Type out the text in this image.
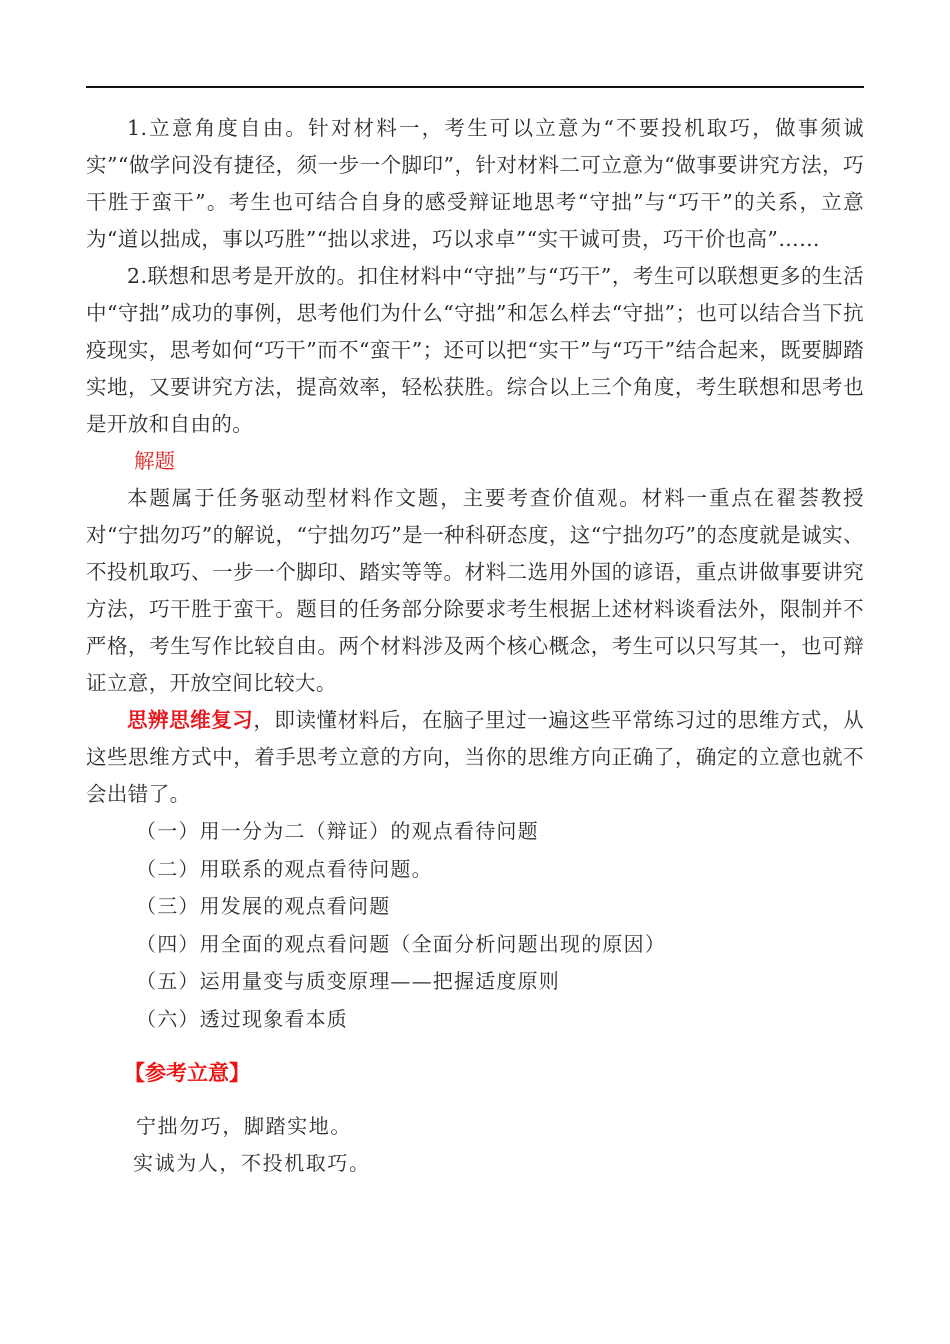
1.立意角度自由。针对材料一，考生可以立意为“不要投机取巧，做事须诚实”“做学问没有捷径，须一步一个脚印”，针对材料二可立意为“做事要讲究方法，巧干胜于蛮干”。考生也可结合自身的感受辩证地思考“守拙”与“巧干”的关系，立意为“道以拙成，事以巧胜”“拙以求进，巧以求卓”“实干诚可贵，巧干价也高”……

2.联想和思考是开放的。扣住材料中“守拙”与“巧干”，考生可以联想更多的生活中“守拙”成功的事例，思考他们为什么“守拙”和怎么样去“守拙”；也可以结合当下抗疫现实，思考如何“巧干”而不“蛮干”；还可以把“实干”与“巧干”结合起来，既要脚踏实地，又要讲究方法，提高效率，轻松获胜。综合以上三个角度，考生联想和思考也是开放和自由的。

解题

本题属于任务驱动型材料作文题，主要考查价值观。材料一重点在翟荟教授对“宁拙勿巧”的解说，“宁拙勿巧”是一种科研态度，这“宁拙勿巧”的态度就是诚实、不投机取巧、一步一个脚印、踏实等等。材料二选用外国的谚语，重点讲做事要讲究方法，巧干胜于蛮干。题目的任务部分除要求考生根据上述材料谈看法外，限制并不严格，考生写作比较自由。两个材料涉及两个核心概念，考生可以只写其一，也可辩证立意，开放空间比较大。

思辨思维复习，即读懂材料后，在脑子里过一遍这些平常练习过的思维方式，从这些思维方式中，着手思考立意的方向，当你的思维方向正确了，确定的立意也就不会出错了。

（一）用一分为二（辩证）的观点看待问题
（二）用联系的观点看待问题。
（三）用发展的观点看问题
（四）用全面的观点看问题（全面分析问题出现的原因）
（五）运用量变与质变原理——把握适度原则
（六）透过现象看本质
【参考立意】
宁拙勿巧，脚踏实地。
实诚为人，不投机取巧。
